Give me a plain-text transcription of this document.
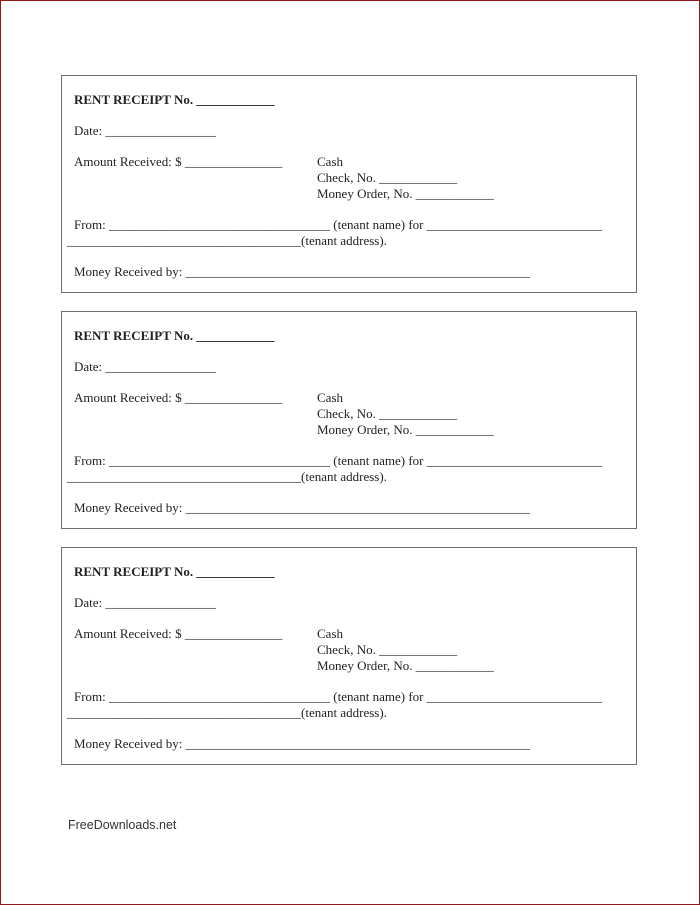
RENT RECEIPT No. ____________
Date: _________________
Amount Received: $ _______________	Cash
Check, No. ____________
Money Order, No. ____________
From: __________________________________ (tenant name) for ___________________________
____________________________________(tenant address).
Money Received by: _____________________________________________________
RENT RECEIPT No. ____________
Date: _________________
Amount Received: $ _______________	Cash
Check, No. ____________
Money Order, No. ____________
From: __________________________________ (tenant name) for ___________________________
____________________________________(tenant address).
Money Received by: _____________________________________________________
RENT RECEIPT No. ____________
Date: _________________
Amount Received: $ _______________	Cash
Check, No. ____________
Money Order, No. ____________
From: __________________________________ (tenant name) for ___________________________
____________________________________(tenant address).
Money Received by: _____________________________________________________
FreeDownloads.net
